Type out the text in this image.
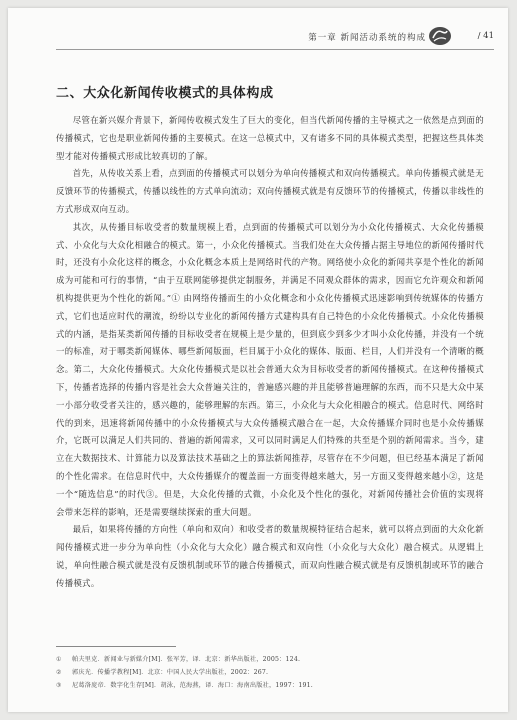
第一章 新闻活动系统的构成	/ 41
二、大众化新闻传收模式的具体构成

尽管在新兴媒介背景下，新闻传收模式发生了巨大的变化，但当代新闻传播的主导模式之一依然是点到面的传播模式，它也是职业新闻传播的主要模式。在这一总模式中，又有诸多不同的具体模式类型，把握这些具体类型才能对传播模式形成比较真切的了解。

首先，从传收关系上看，点到面的传播模式可以划分为单向传播模式和双向传播模式。单向传播模式就是无反馈环节的传播模式，传播以线性的方式单向流动；双向传播模式就是有反馈环节的传播模式，传播以非线性的方式形成双向互动。

其次，从传播目标收受者的数量规模上看，点到面的传播模式可以划分为小众化传播模式、大众化传播模式、小众化与大众化相融合的模式。第一，小众化传播模式。当我们处在大众传播占据主导地位的新闻传播时代时，还没有小众化这样的概念，小众化概念本质上是网络时代的产物。网络使小众化的新闻共享是个性化的新闻成为可能和可行的事情，“由于互联网能够提供定制服务，并满足不同观众群体的需求，因而它允许观众和新闻机构提供更为个性化的新闻。”① 由网络传播而生的小众化概念和小众化传播模式迅速影响到传统媒体的传播方式，它们也适应时代的潮流，纷纷以专业化的新闻传播方式建构具有自己特色的小众化传播模式。小众化传播模式的内涵，是指某类新闻传播的目标收受者在规模上是少量的，但到底少到多少才叫小众化传播，并没有一个统一的标准，对于哪类新闻媒体、哪些新闻版面，栏目属于小众化的媒体、版面、栏目，人们并没有一个清晰的概念。第二，大众化传播模式。大众化传播模式是以社会普通大众为目标收受者的新闻传播模式。在这种传播模式下，传播者选择的传播内容是社会大众普遍关注的，普遍感兴趣的并且能够普遍理解的东西，而不只是大众中某一小部分收受者关注的，感兴趣的，能够理解的东西。第三，小众化与大众化相融合的模式。信息时代、网络时代的到来，迅速将新闻传播中的小众传播模式与大众传播模式融合在一起，大众传播媒介同时也是小众传播媒介，它既可以满足人们共同的、普遍的新闻需求，又可以同时满足人们特殊的共至是个别的新闻需求。当今，建立在大数据技术、计算能力以及算法技术基础之上的算法新闻推荐，尽管存在不少问题，但已经基本满足了新闻的个性化需求。在信息时代中，大众传播媒介的覆盖面一方面变得越来越大，另一方面又变得越来越小②，这是一个“随选信息”的时代③。但是，大众化传播的式微，小众化及个性化的强化，对新闻传播社会价值的实现将会带来怎样的影响，还是需要继续探索的重大问题。

最后，如果将传播的方向性（单向和双向）和收受者的数量规模特征结合起来，就可以将点到面的大众化新闻传播模式进一步分为单向性（小众化与大众化）融合模式和双向性（小众化与大众化）融合模式。从逻辑上说，单向性融合模式就是没有反馈机制或环节的融合传播模式，而双向性融合模式就是有反馈机制或环节的融合传播模式。

① 帕夫里克．新闻业与新媒介[M]．张军芳，译．北京：新华出版社，2005：124.
② 郭庆光．传播学教程[M]．北京：中国人民大学出版社，2002：267.
③ 尼葛洛庞帝．数字化生存[M]．胡泳，范海燕，译．海口：海南出版社，1997：191.
